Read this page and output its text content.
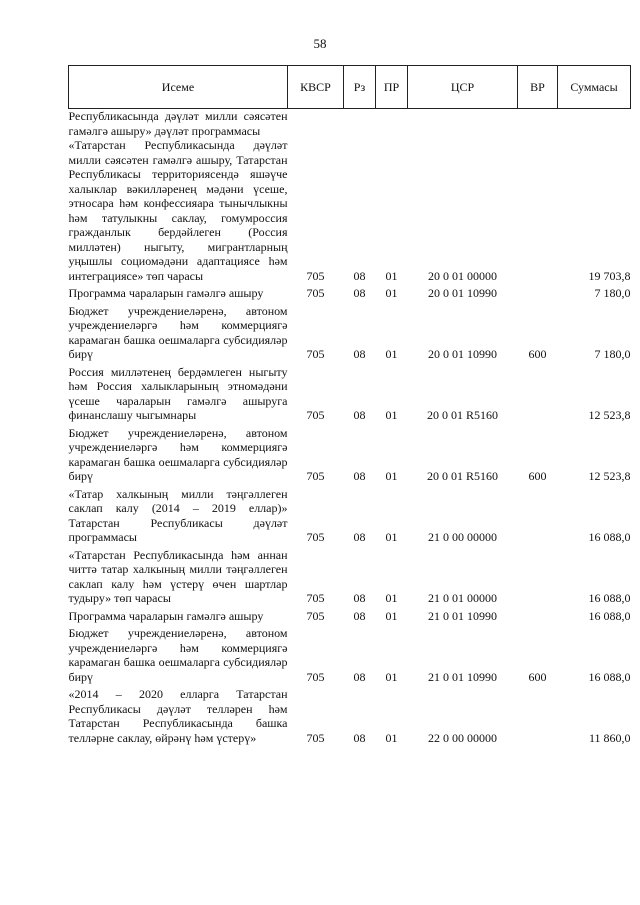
58
Исеме	КВСР	Рз	ПР	ЦСР	ВР	Суммасы
Республикасында дәүләт милли сәясәтен гамәлгә ашыру» дәүләт программасы						
«Татарстан Республикасында дәүләт милли сәясәтен гамәлгә ашыру, Татарстан Республикасы территориясендә яшәүче халыклар вәкилләренең мәдәни үсеше, этносара һәм конфессияара тынычлыкны һәм татулыкны саклау, гомумроссия гражданлык бердәйлеген (Россия милләтен) ныгыту, мигрантларның уңышлы социомәдәни адаптациясе һәм интеграциясе» төп чарасы	705	08	01	20 0 01 00000		19 703,8
Программа чараларын гамәлгә ашыру	705	08	01	20 0 01 10990		7 180,0
Бюджет учреждениеләренә, автоном учреждениеләргә һәм коммерциягә карамаган башка оешмаларга субсидияләр бирү	705	08	01	20 0 01 10990	600	7 180,0
Россия милләтенең бердәмлеген ныгыту һәм Россия халыкларының этномәдәни үсеше чараларын гамәлгә ашыруга финанслашу чыгымнары	705	08	01	20 0 01 R5160		12 523,8
Бюджет учреждениеләренә, автоном учреждениеләргә һәм коммерциягә карамаган башка оешмаларга субсидияләр бирү	705	08	01	20 0 01 R5160	600	12 523,8
«Татар халкының милли тәңгәллеген саклап калу (2014 – 2019 еллар)» Татарстан Республикасы дәүләт программасы	705	08	01	21 0 00 00000		16 088,0
«Татарстан Республикасында һәм аннан читтә татар халкының милли тәңгәллеген саклап калу һәм үстерү өчен шартлар тудыру» төп чарасы	705	08	01	21 0 01 00000		16 088,0
Программа чараларын гамәлгә ашыру	705	08	01	21 0 01 10990		16 088,0
Бюджет учреждениеләренә, автоном учреждениеләргә һәм коммерциягә карамаган башка оешмаларга субсидияләр бирү	705	08	01	21 0 01 10990	600	16 088,0
«2014 – 2020 елларга Татарстан Республикасы дәүләт телләрен һәм Татарстан Республикасында башка телләрне саклау, өйрәнү һәм үстерү»	705	08	01	22 0 00 00000		11 860,0
